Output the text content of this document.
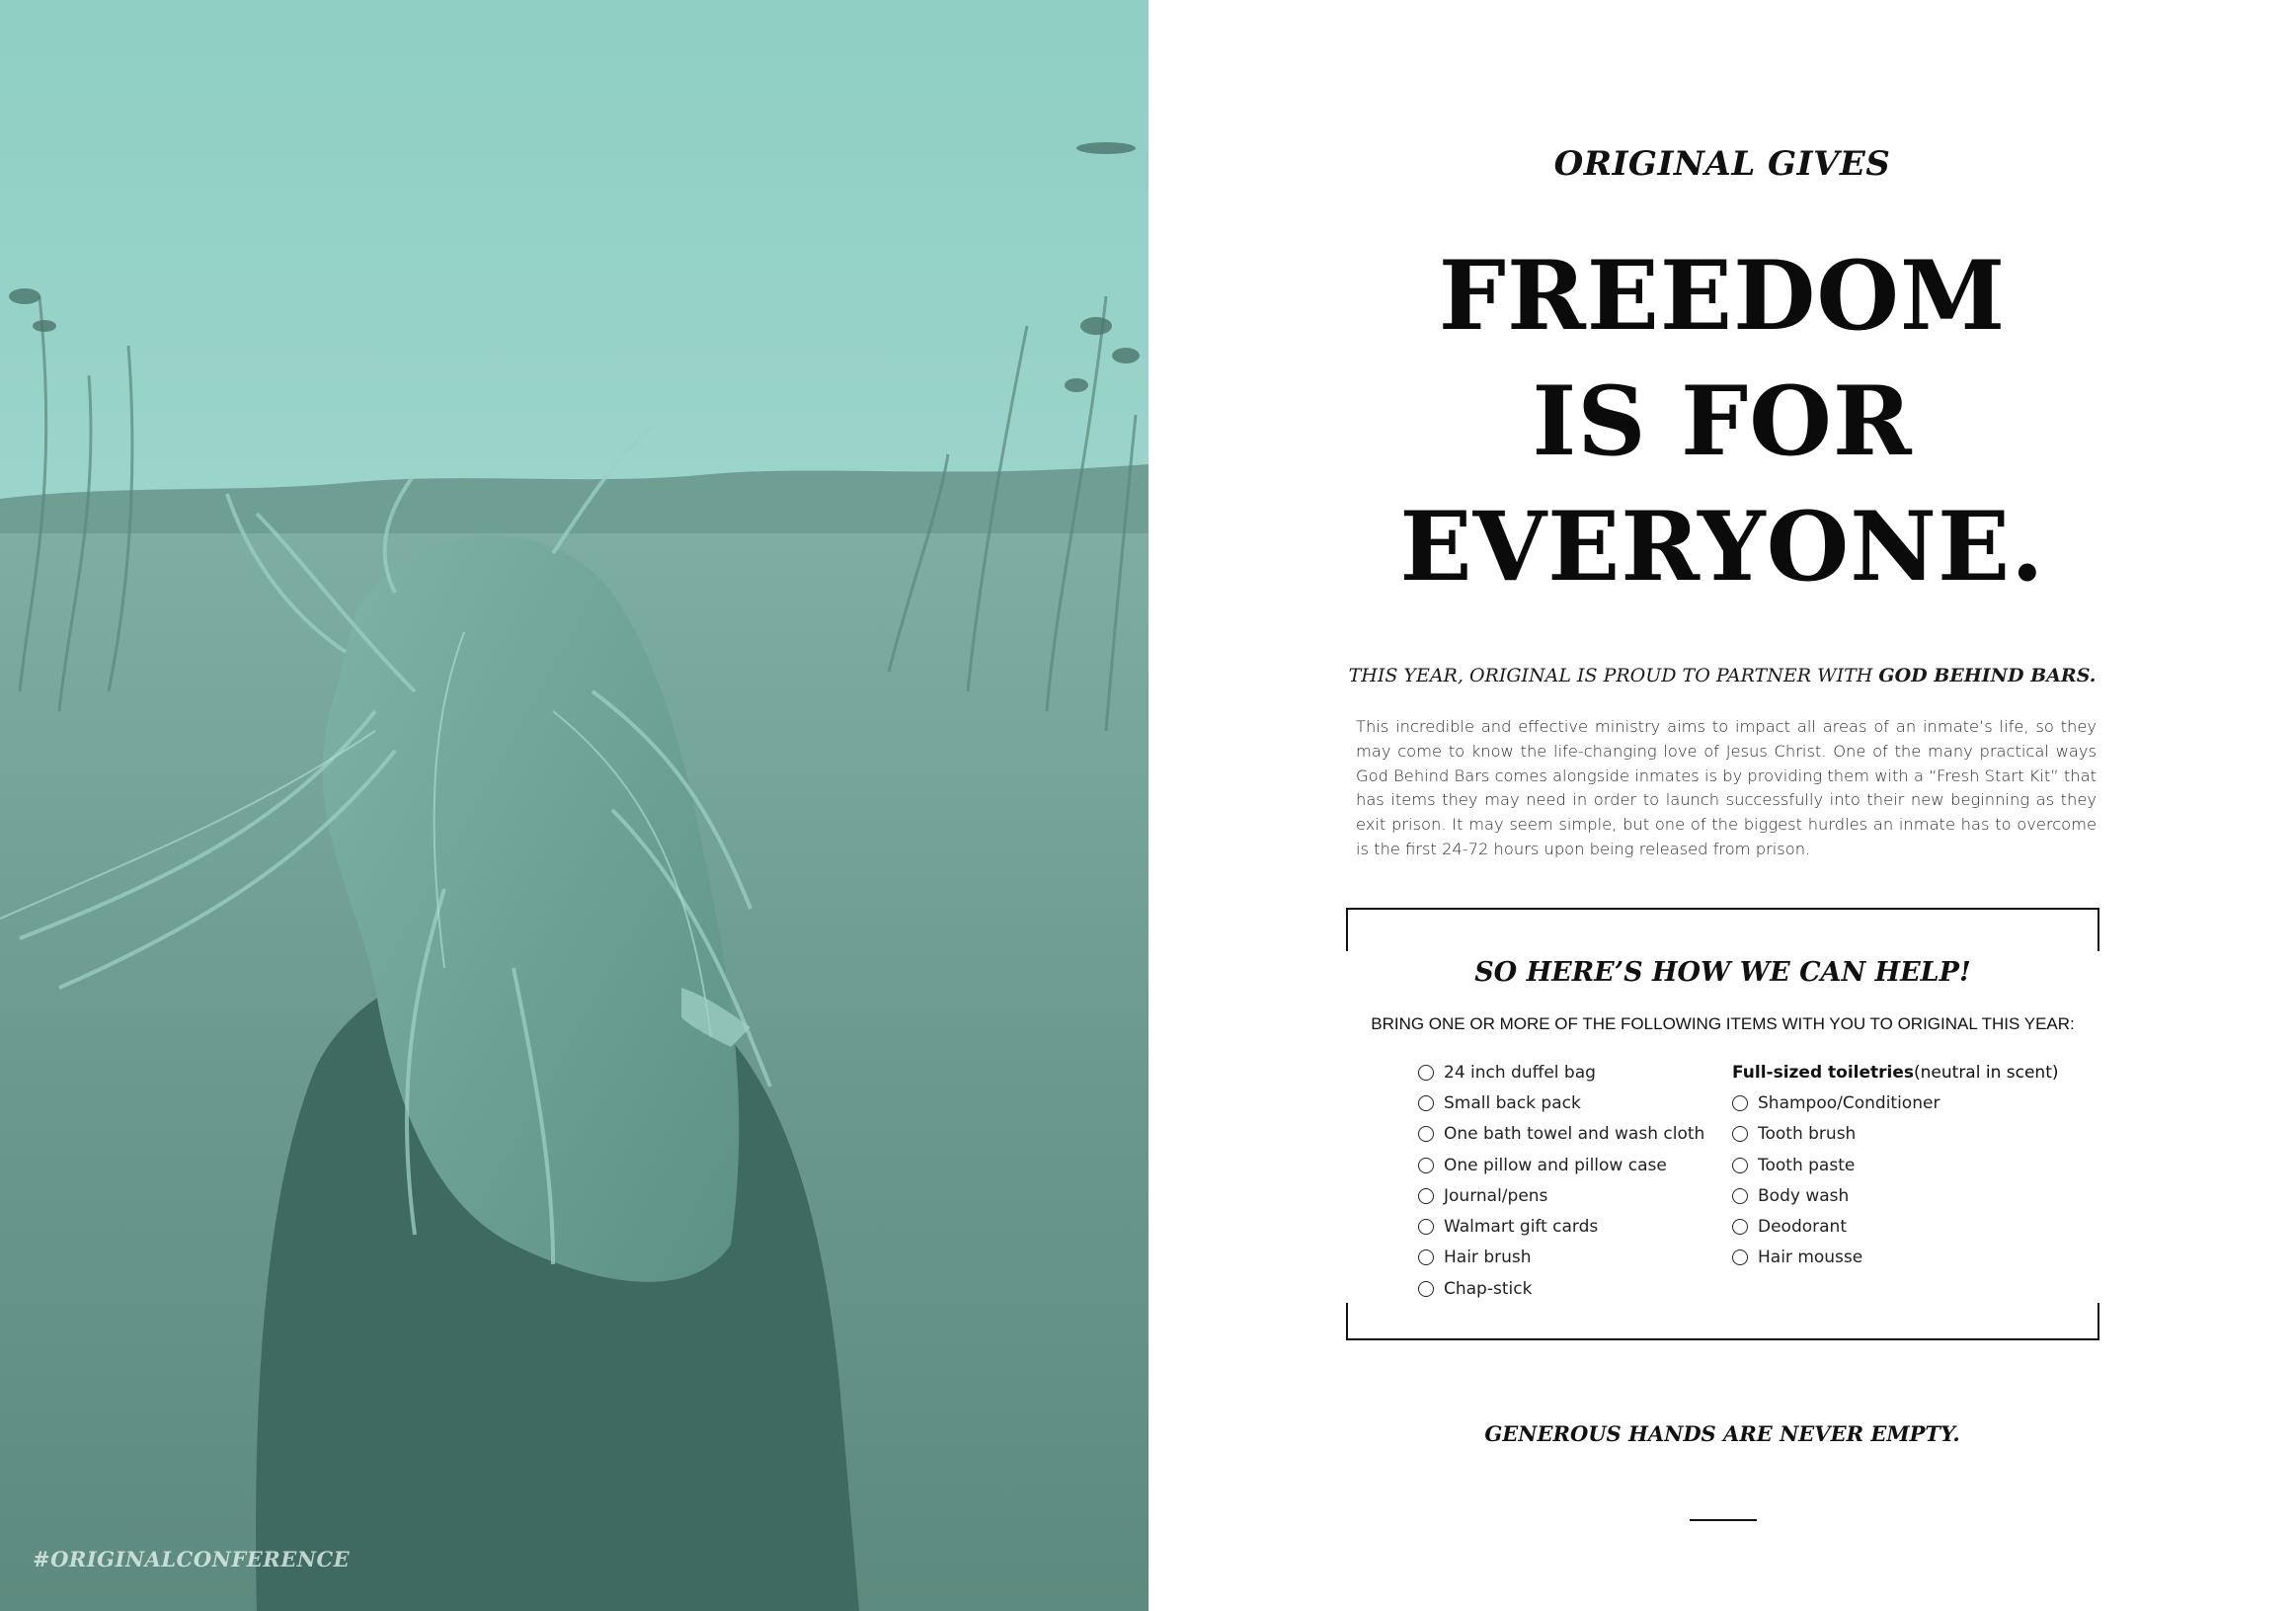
#ORIGINALCONFERENCE
ORIGINAL GIVES
FREEDOM
IS FOR
EVERYONE.
THIS YEAR, ORIGINAL IS PROUD TO PARTNER WITH GOD BEHIND BARS.
This incredible and effective ministry aims to impact all areas of an inmate’s life, so they may come to know the life-changing love of Jesus Christ. One of the many practical ways God Behind Bars comes alongside inmates is by providing them with a “Fresh Start Kit” that has items they may need in order to launch successfully into their new beginning as they exit prison. It may seem simple, but one of the biggest hurdles an inmate has to overcome is the first 24-72 hours upon being released from prison.
SO HERE’S HOW WE CAN HELP!
BRING ONE OR MORE OF THE FOLLOWING ITEMS WITH YOU TO ORIGINAL THIS YEAR:
24 inch duffel bag
Small back pack
One bath towel and wash cloth
One pillow and pillow case
Journal/pens
Walmart gift cards
Hair brush
Chap-stick
Full-sized toiletries (neutral in scent)
Shampoo/Conditioner
Tooth brush
Tooth paste
Body wash
Deodorant
Hair mousse
GENEROUS HANDS ARE NEVER EMPTY.
